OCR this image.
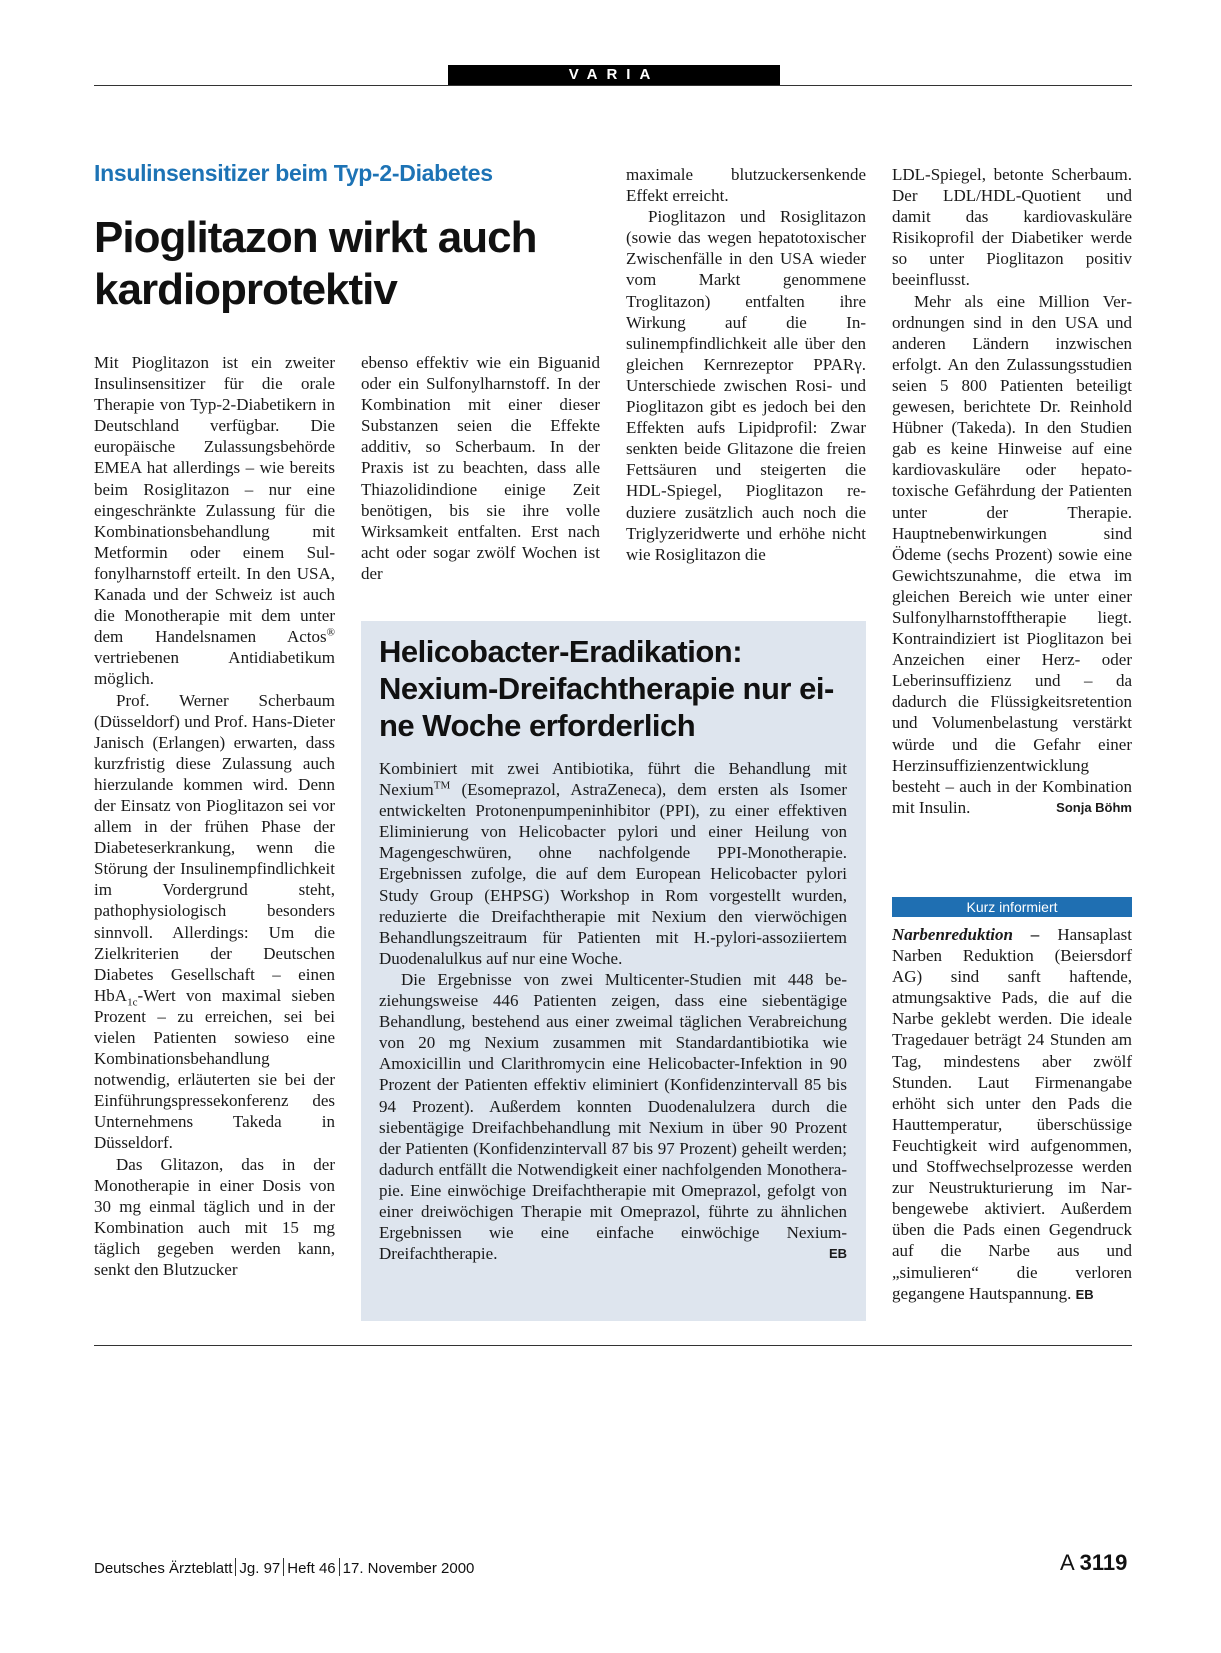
VARIA
Insulinsensitizer beim Typ-2-Diabetes
Pioglitazon wirkt auch
kardioprotektiv

Mit Pioglitazon ist ein zweiter Insulinsensitizer für die orale Therapie von Typ-2-Diabetikern in Deutschland verfügbar. Die europäische Zulassungsbehörde EMEA hat allerdings – wie bereits beim Rosiglitazon – nur eine eingeschränkte Zulassung für die Kombinationsbehandlung mit Metformin oder einem Sulfonylharnstoff erteilt. In den USA, Kanada und der Schweiz ist auch die Monotherapie mit dem unter dem Handelsnamen Actos® vertriebenen Antidiabetikum möglich.

Prof. Werner Scherbaum (Düsseldorf) und Prof. Hans-Dieter Janisch (Erlangen) erwarten, dass kurzfristig diese Zulassung auch hierzulande kommen wird. Denn der Einsatz von Pioglitazon sei vor allem in der frühen Phase der Diabeteserkrankung, wenn die Störung der Insulinempfindlichkeit im Vordergrund steht, pathophysiologisch besonders sinnvoll. Allerdings: Um die Zielkriterien der Deutschen Diabetes Gesellschaft – einen HbA$_{1c}$-Wert von maximal sieben Prozent – zu erreichen, sei bei vielen Patienten sowieso eine Kombinationsbehandlung notwendig, erläuterten sie bei der Einführungspressekonferenz des Unternehmens Takeda in Düsseldorf.

Das Glitazon, das in der Monotherapie in einer Dosis von 30 mg einmal täglich und in der Kombination auch mit 15 mg täglich gegeben werden kann, senkt den Blutzucker

ebenso effektiv wie ein Biguanid oder ein Sulfonylharnstoff. In der Kombination mit einer dieser Substanzen seien die Effekte additiv, so Scherbaum. In der Praxis ist zu beachten, dass alle Thiazolidindione einige Zeit benötigen, bis sie ihre volle Wirksamkeit entfalten. Erst nach acht oder sogar zwölf Wochen ist der

maximale blutzuckersenkende Effekt erreicht.

Pioglitazon und Rosiglitazon (sowie das wegen hepatotoxischer Zwischenfälle in den USA wieder vom Markt genommene Troglitazon) entfalten ihre Wirkung auf die Insulinempfindlichkeit alle über den gleichen Kernrezeptor PPARγ. Unterschiede zwischen Rosi- und Pioglitazon gibt es jedoch bei den Effekten aufs Lipidprofil: Zwar senkten beide Glitazone die freien Fettsäuren und steigerten die HDL-Spiegel, Pioglitazon reduziere zusätzlich auch noch die Triglyzeridwerte und erhöhe nicht wie Rosiglitazon die

LDL-Spiegel, betonte Scherbaum. Der LDL/HDL-Quotient und damit das kardiovaskuläre Risikoprofil der Diabetiker werde so unter Pioglitazon positiv beeinflusst.

Mehr als eine Million Verordnungen sind in den USA und anderen Ländern inzwischen erfolgt. An den Zulassungsstudien seien 5 800 Patienten beteiligt gewesen, berichtete Dr. Reinhold Hübner (Takeda). In den Studien gab es keine Hinweise auf eine kardiovaskuläre oder hepatotoxische Gefährdung der Patienten unter der Therapie. Hauptnebenwirkungen sind Ödeme (sechs Prozent) sowie eine Gewichtszunahme, die etwa im gleichen Bereich wie unter einer Sulfonylharnstofftherapie liegt. Kontraindiziert ist Pioglitazon bei Anzeichen einer Herz- oder Leberinsuffizienz und – da dadurch die Flüssigkeitsretention und Volumenbelastung verstärkt würde und die Gefahr einer Herzinsuffizienzentwicklung besteht – auch in der Kombination mit Insulin.	Sonja Böhm

Helicobacter-Eradikation: Nexium-Dreifachtherapie nur eine Woche erforderlich

Kombiniert mit zwei Antibiotika, führt die Behandlung mit Nexium™ (Esomeprazol, AstraZeneca), dem ersten als Isomer entwickelten Protonenpumpeninhibitor (PPI), zu einer effektiven Eliminierung von Helicobacter pylori und einer Heilung von Magengeschwüren, ohne nachfolgende PPI-Monotherapie. Ergebnissen zufolge, die auf dem European Helicobacter pylori Study Group (EHPSG) Workshop in Rom vorgestellt wurden, reduzierte die Dreifachtherapie mit Nexium den vierwöchigen Behandlungszeitraum für Patienten mit H.-pylori-assoziiertem Duodenalulkus auf nur eine Woche.

Die Ergebnisse von zwei Multicenter-Studien mit 448 beziehungsweise 446 Patienten zeigen, dass eine siebentägige Behandlung, bestehend aus einer zweimal täglichen Verabreichung von 20 mg Nexium zusammen mit Standardantibiotika wie Amoxicillin und Clarithromycin eine Helicobacter-Infektion in 90 Prozent der Patienten effektiv eliminiert (Konfidenzintervall 85 bis 94 Prozent). Außerdem konnten Duodenalulzera durch die siebentägige Dreifachbehandlung mit Nexium in über 90 Prozent der Patienten (Konfidenzintervall 87 bis 97 Prozent) geheilt werden; dadurch entfällt die Notwendigkeit einer nachfolgenden Monotherapie. Eine einwöchige Dreifachtherapie mit Omeprazol, gefolgt von einer dreiwöchigen Therapie mit Omeprazol, führte zu ähnlichen Ergebnissen wie eine einfache einwöchige Nexium-Dreifachtherapie.	EB

Kurz informiert

Narbenreduktion – Hansaplast Narben Reduktion (Beiersdorf AG) sind sanft haftende, atmungsaktive Pads, die auf die Narbe geklebt werden. Die ideale Tragedauer beträgt 24 Stunden am Tag, mindestens aber zwölf Stunden. Laut Firmenangabe erhöht sich unter den Pads die Hauttemperatur, überschüssige Feuchtigkeit wird aufgenommen, und Stoffwechselprozesse werden zur Neustrukturierung im Narbengewebe aktiviert. Außerdem üben die Pads einen Gegendruck auf die Narbe aus und „simulieren“ die verloren gegangene Hautspannung. EB

Deutsches Ärzteblatt Jg. 97 Heft 46 17. November 2000	A 3119
